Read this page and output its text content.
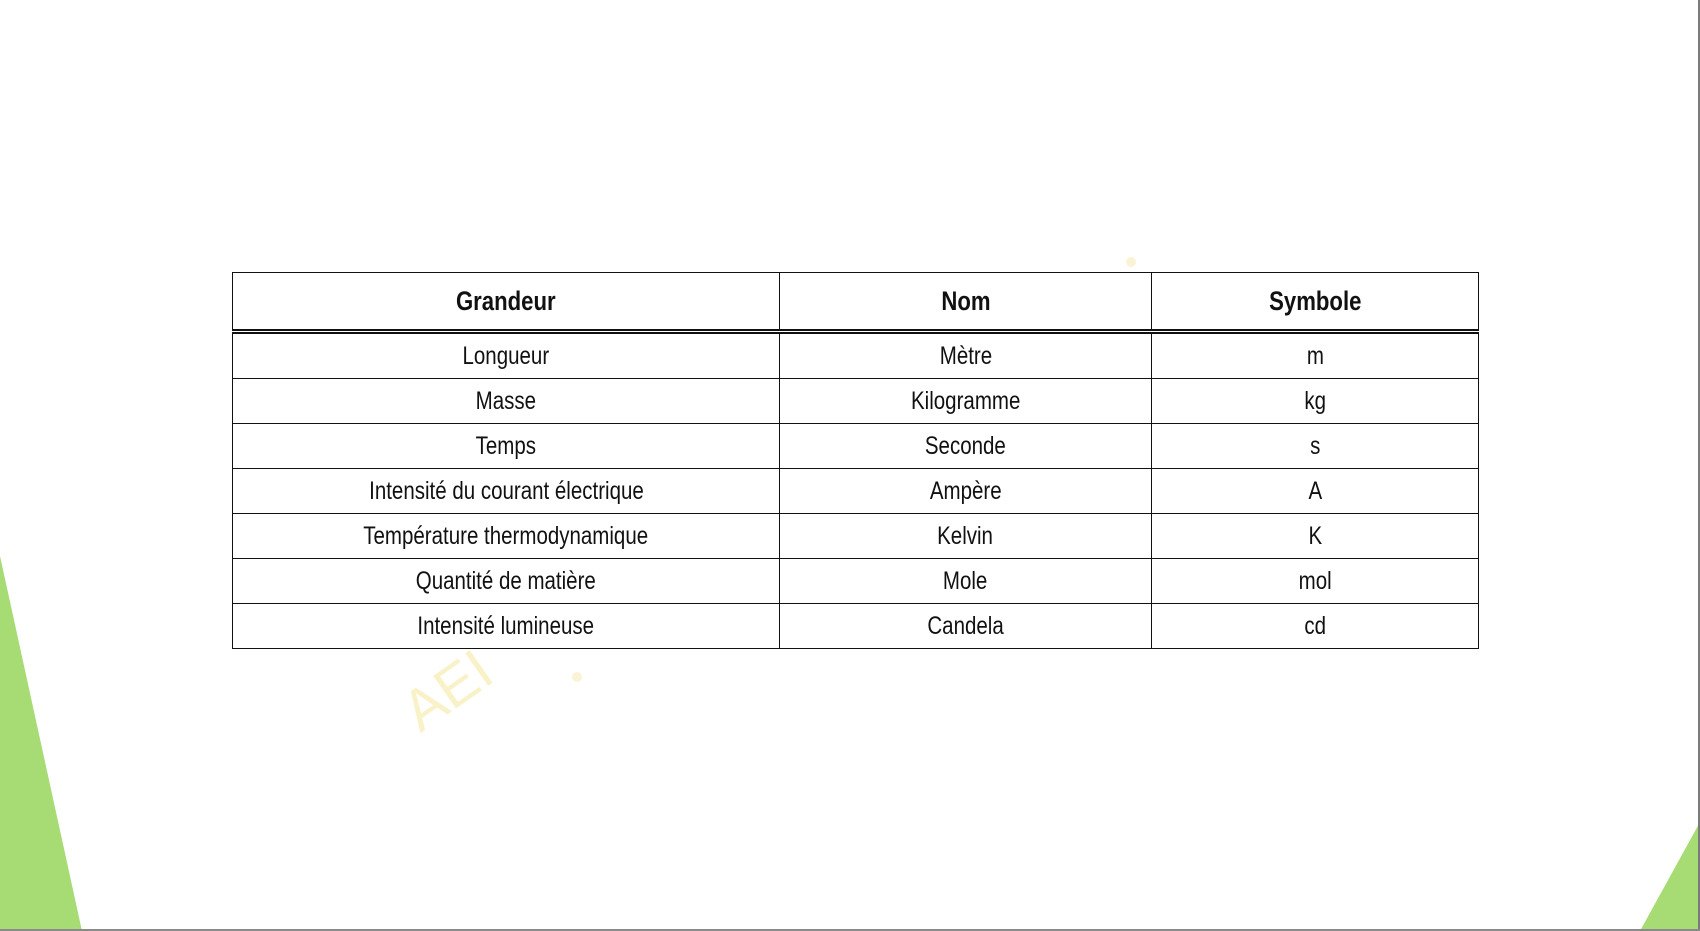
AEI
Grandeur	Nom	Symbole
Longueur	Mètre	m
Masse	Kilogramme	kg
Temps	Seconde	s
Intensité du courant électrique	Ampère	A
Température thermodynamique	Kelvin	K
Quantité de matière	Mole	mol
Intensité lumineuse	Candela	cd
